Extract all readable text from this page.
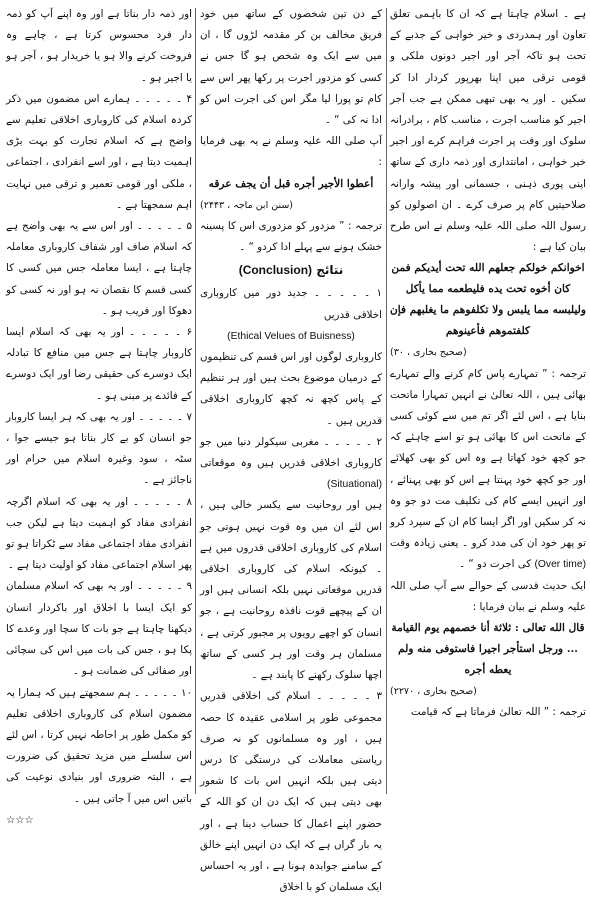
ہے ۔ اسلام چاہتا ہے کہ ان کا باہمی تعلق تعاون اور ہمدردی و خیر خواہی کے جذبے کے تحت ہو تاکہ آجر اور اجیر دونوں ملکی و قومی ترقی میں اپنا بھرپور کردار ادا کر سکیں ۔ اور یہ بھی تبھی ممکن ہے جب آجر اجیر کو مناسب اجرت ، مناسب کام ، برادرانہ سلوک اور وقت پر اجرت فراہم کرے اور اجیر خیر خواہی ، امانتداری اور ذمہ داری کے ساتھ اپنی پوری ذہنی ، جسمانی اور پیشہ وارانہ صلاحیتیں کام پر صرف کرے ۔ ان اصولوں کو رسول اللہ صلی اللہ علیہ وسلم نے اس طرح بیان کیا ہے :

اخوانكم خولكم جعلهم الله تحت أيديكم فمن كان أخوه تحت يده فليطعمه مما يأكل وليلبسه مما يلبس ولا تكلفوهم ما يغلبهم فإن كلفتموهم فأعينوهم

(صحیح بخاری ، ۳۰)

ترجمہ : ” تمہارے پاس کام کرنے والے تمہارے بھائی ہیں ، اللہ تعالیٰ نے انہیں تمہارا ماتحت بنایا ہے ، اس لئے اگر تم میں سے کوئی کسی کے ماتحت اس کا بھائی ہو تو اسے چاہئے کہ جو کچھ خود کھاتا ہے وہ اس کو بھی کھلائے اور جو کچھ خود پہنتا ہے اس کو بھی پہنائے ، اور انہیں ایسے کام کی تکلیف مت دو جو وہ نہ کر سکیں اور اگر ایسا کام ان کے سپرد کرو تو پھر خود ان کی مدد کرو ۔ یعنی زیادہ وقت (Over time) کی اجرت دو “ ۔

ایک حدیث قدسی کے حوالے سے آپ صلی اللہ علیہ وسلم نے بیان فرمایا :

قال الله تعالى : ثلاثة أنا خصمهم يوم القيامة ... ورجل استأجر اجيرا فاستوفى منه ولم يعطه أجره

(صحیح بخاری ، ۲۲۷۰)

ترجمہ : ” اللہ تعالیٰ فرماتا ہے کہ قیامت

کے دن تین شخصوں کے ساتھ میں خود فریق مخالف بن کر مقدمہ لڑوں گا ، ان میں سے ایک وہ شخص ہو گا جس نے کسی کو مزدور اجرت پر رکھا پھر اس سے کام تو پورا لیا مگر اس کی اجرت اس کو ادا نہ کی “ ۔

آپ صلی اللہ علیہ وسلم نے یہ بھی فرمایا :

أعطوا الأجير أجره قبل أن يجف عرقه

(سنن ابن ماجہ ، ۲۴۴۳)

ترجمہ : ” مزدور کو مزدوری اس کا پسینہ خشک ہونے سے پہلے ادا کردو “ ۔

نتائج (Conclusion)

۱ ۔ ۔ ۔ ۔ ۔ جدید دور میں کاروباری اخلاقی قدریں

(Ethical Velues of Buisness)

کاروباری لوگوں اور اس قسم کی تنظیموں کے درمیان موضوع بحث ہیں اور ہر تنظیم کے پاس کچھ نہ کچھ کاروباری اخلاقی قدریں ہیں ۔

۲ ۔ ۔ ۔ ۔ ۔ مغربی سیکولر دنیا میں جو کاروباری اخلاقی قدریں ہیں وہ موقعاتی (Situational)

ہیں اور روحانیت سے یکسر خالی ہیں ، اس لئے ان میں وہ قوت نہیں ہوتی جو اسلام کی کاروباری اخلاقی قدروں میں ہے ۔ کیونکہ اسلام کی کاروباری اخلاقی قدریں موقعاتی نہیں بلکہ انسانی ہیں اور ان کے پیچھے قوت نافذہ روحانیت ہے ، جو انسان کو اچھے رویوں پر مجبور کرتی ہے ، مسلمان ہر وقت اور ہر کسی کے ساتھ اچھا سلوک رکھنے کا پابند ہے ۔

۳ ۔ ۔ ۔ ۔ ۔ اسلام کی اخلاقی قدریں مجموعی طور پر اسلامی عقیدہ کا حصہ ہیں ، اور وہ مسلمانوں کو نہ صرف ریاستی معاملات کی درستگی کا درس دیتی ہیں بلکہ انہیں اس بات کا شعور بھی دیتی ہیں کہ ایک دن ان کو اللہ کے حضور اپنے اعمال کا حساب دینا ہے ، اور یہ بار گراں ہے کہ ایک دن انہیں اپنے خالق کے سامنے جوابدہ ہونا ہے ، اور یہ احساس ایک مسلمان کو با اخلاق

اور ذمہ دار بناتا ہے اور وہ اپنے آپ کو ذمہ دار فرد محسوس کرتا ہے ، چاہے وہ فروخت کرنے والا ہو یا خریدار ہو ، آجر ہو یا اجیر ہو ۔

۴ ۔ ۔ ۔ ۔ ۔ ہمارے اس مضمون میں ذکر کردہ اسلام کی کاروباری اخلاقی تعلیم سے واضح ہے کہ اسلام تجارت کو بہت بڑی اہمیت دیتا ہے ، اور اسے انفرادی ، اجتماعی ، ملکی اور قومی تعمیر و ترقی میں نہایت اہم سمجھتا ہے ۔

۵ ۔ ۔ ۔ ۔ ۔ اور اس سے یہ بھی واضح ہے کہ اسلام صاف اور شفاف کاروباری معاملہ چاہتا ہے ، ایسا معاملہ جس میں کسی کا کسی قسم کا نقصان نہ ہو اور نہ کسی کو دھوکا اور فریب ہو ۔

۶ ۔ ۔ ۔ ۔ ۔ اور یہ بھی کہ اسلام ایسا کاروبار چاہتا ہے جس میں منافع کا تبادلہ ایک دوسرے کی حقیقی رضا اور ایک دوسرے کے فائدے پر مبنی ہو ۔

۷ ۔ ۔ ۔ ۔ ۔ اور یہ بھی کہ ہر ایسا کاروبار جو انسان کو بے کار بناتا ہو جیسے جوا ، سٹہ ، سود وغیرہ اسلام میں حرام اور ناجائز ہے ۔

۸ ۔ ۔ ۔ ۔ ۔ اور یہ بھی کہ اسلام اگرچہ انفرادی مفاد کو اہمیت دیتا ہے لیکن جب انفرادی مفاد اجتماعی مفاد سے ٹکراتا ہو تو پھر اسلام اجتماعی مفاد کو اولیت دیتا ہے ۔

۹ ۔ ۔ ۔ ۔ ۔ اور یہ بھی کہ اسلام مسلمان کو ایک ایسا با اخلاق اور باکردار انسان دیکھنا چاہتا ہے جو بات کا سچا اور وعدے کا پکا ہو ، جس کی بات میں اس کی سچائی اور صفائی کی ضمانت ہو ۔

۱۰ ۔ ۔ ۔ ۔ ۔ ہم سمجھتے ہیں کہ ہمارا یہ مضمون اسلام کی کاروباری اخلاقی تعلیم کو مکمل طور پر احاطہ نہیں کرتا ، اس لئے اس سلسلے میں مزید تحقیق کی ضرورت ہے ، البتہ ضروری اور بنیادی نوعیت کی باتیں اس میں آ جاتی ہیں ۔

☆☆☆
